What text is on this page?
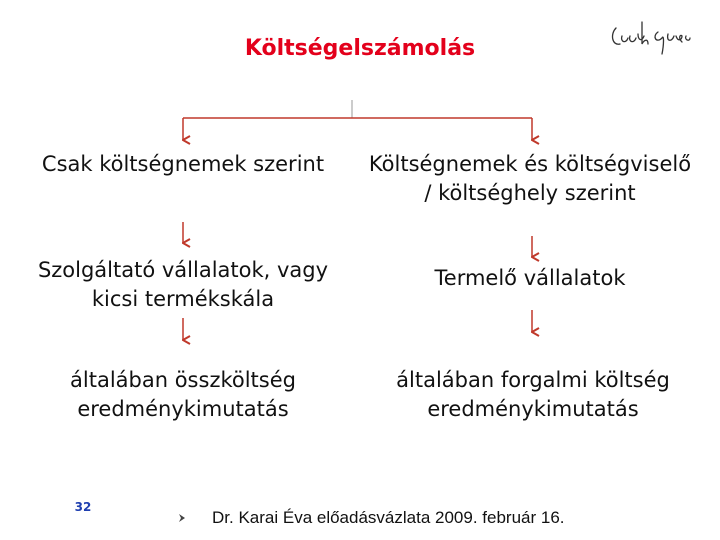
Költségelszámolás
Csak költségnemek szerint
Szolgáltató vállalatok, vagy kicsi termékskála
általában összköltség eredménykimutatás
Költségnemek és költségviselő / költséghely szerint
Termelő vállalatok
általában forgalmi költség eredménykimutatás
32
Dr. Karai Éva előadásvázlata 2009. február 16.
